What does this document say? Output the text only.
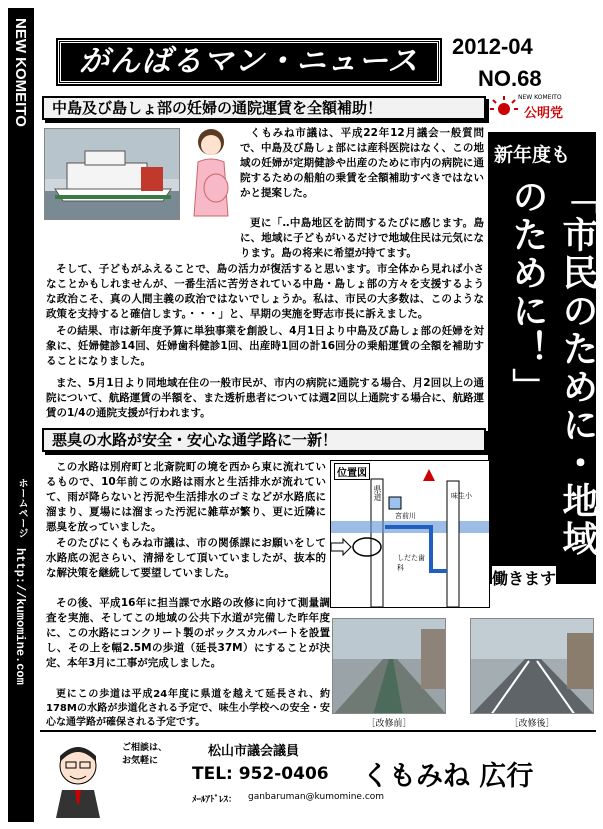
NEW KOMEITO
ホームページ
http://kumomine.com
がんばるマン・ニュース	2012-04
NO.68
NEW KOMEITO
公明党
中島及び島しょ部の妊婦の通院運賃を全額補助！
くもみね市議は、平成22年12月議会一般質問で、中島及び島しょ部には産科医院はなく、この地域の妊婦が定期健診や出産のために市内の病院に通院するための船舶の乗賃を全額補助すべきではないかと提案した。
更に「‥中島地区を訪問するたびに感じます。島に、地域に子どもがいるだけで地域住民は元気になります。島の将来に希望が持てます。
そして、子どもがふえることで、島の活力が復活すると思います。市全体から見れば小さなことかもしれませんが、一番生活に苦労されている中島・島しょ部の方々を支援するような政治こそ、真の人間主義の政治ではないでしょうか。私は、市民の大多数は、このような政策を支持すると確信します。・・・」と、早期の実施を野志市長に訴えました。
その結果、市は新年度予算に単独事業を創設し、4月1日より中島及び島しょ部の妊婦を対象に、妊婦健診14回、妊婦歯科健診1回、出産時1回の計16回分の乗船運賃の全額を補助することになりました。
また、5月1日より同地域在住の一般市民が、市内の病院に通院する場合、月2回以上の通院について、航路運賃の半額を、また透析患者については週2回以上通院する場合に、航路運賃の1/4の通院支援が行われます。
新年度も
「市民のために・地域のために！」
働きます
悪臭の水路が安全・安心な通学路に一新！
この水路は別府町と北斎院町の境を西から東に流れているもので、10年前この水路は雨水と生活排水が流れていて、雨が降らないと汚泥や生活排水のゴミなどが水路底に溜まり、夏場には溜まった汚泥に雑草が繁り、更に近隣に悪臭を放っていました。
そのたびにくもみね市議は、市の関係課にお願いをして水路底の泥さらい、清掃をして頂いていましたが、抜本的な解決策を継続して要望していました。
その後、平成16年に担当課で水路の改修に向けて測量調査を実施、そしてこの地域の公共下水道が完備した昨年度に、この水路にコンクリート製のボックスカルバートを設置し、その上を幅2.5Mの歩道（延長37M）にすることが決定、本年3月に工事が完成しました。
更にこの歩道は平成24年度に県道を越えて延長され、約178Mの水路が歩道化される予定で、味生小学校への安全・安心な通学路が確保される予定です。
位置図
県道	味生小
宮前川
しだた歯科
［改修前］	［改修後］
ご相談は、お気軽に
松山市議会議員
TEL: 952-0406 くもみね 広行
ﾒｰﾙｱﾄﾞﾚｽ： ganbaruman@kumomine.com
